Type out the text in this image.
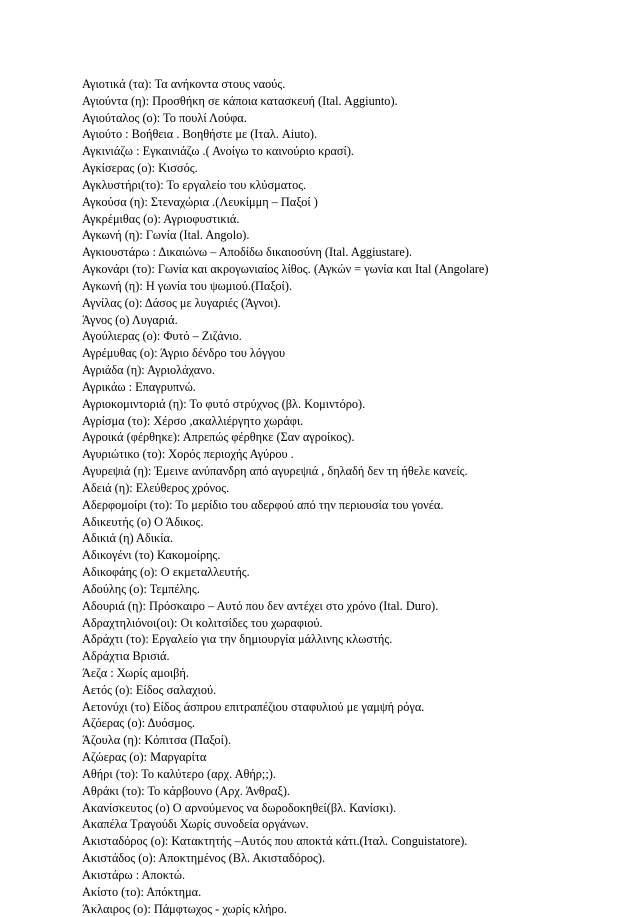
Αγιοτικά (τα): Τα ανήκοντα στους ναούς.
Αγιούντα (η): Προσθήκη σε κάποια κατασκευή (Ital. Aggiunto).
Αγιούταλος (ο): Το πουλί Λούφα.
Αγιούτο : Βοήθεια . Βοηθήστε με (Ιταλ. Aiuto).
Αγκινιάζω : Εγκαινιάζω .( Ανοίγω το καινούριο κρασί).
Αγκίσερας (ο): Κισσός.
Αγκλυστήρι(το): Το εργαλείο του κλύσματος.
Αγκούσα (η): Στεναχώρια .(Λευκίμμη – Παξοί )
Αγκρέμιθας (ο): Αγριοφυστικιά.
Αγκωνή (η): Γωνία (Ital. Angolo).
Αγκιουστάρω : Δικαιώνω – Αποδίδω δικαιοσύνη (Ital. Aggiustare).
Αγκονάρι (το): Γωνία και ακρογωνιαίος λίθος. (Αγκών = γωνία και Ital (Angolare)
Αγκωνή (η): Η γωνία του ψωμιού.(Παξοί).
Αγνίλας (ο): Δάσος με λυγαριές (Άγνοι).
Άγνος (ο) Λυγαριά.
Αγούλιερας (ο): Φυτό – Ζιζάνιο.
Αγρέμυθας (ο): Άγριο δένδρο του λόγγου
Αγριάδα (η): Αγριολάχανο.
Αγρικάω : Επαγρυπνώ.
Αγριοκομιντοριά (η): Το φυτό στρύχνος (βλ. Κομιντόρο).
Αγρίσμα (το): Χέρσο ,ακαλλιέργητο χωράφι.
Αγροικά (φέρθηκε): Απρεπώς φέρθηκε (Σαν αγροίκος).
Αγυριώτικο (το): Χορός περιοχής Αγύρου .
Αγυρεψιά (η): Έμεινε ανύπανδρη από αγυρεψιά , δηλαδή δεν τη ήθελε κανείς.
Αδειά (η): Ελεύθερος χρόνος.
Αδερφομοίρι (το): Το μερίδιο του αδερφού από την περιουσία του γονέα.
Αδικευτής (ο) Ο Άδικος.
Αδικιά (η) Αδικία.
Αδικογένι (το) Κακομοίρης.
Αδικοφάης (ο): Ο εκμεταλλευτής.
Αδούλης (ο): Τεμπέλης.
Αδουριά (η): Πρόσκαιρο – Αυτό που δεν αντέχει στο χρόνο (Ital. Duro).
Αδραχτηλιόνοι(οι): Οι κολιτσίδες του χωραφιού.
Αδράχτι (το): Εργαλείο για την δημιουργία μάλλινης κλωστής.
Αδράχτια Βρισιά.
Άεζα : Χωρίς αμοιβή.
Αετός (ο): Είδος σαλαχιού.
Αετονύχι (το) Είδος άσπρου επιτραπέζιου σταφυλιού με γαμψή ρόγα.
Αζόερας (ο): Δυόσμος.
Άζουλα (η): Κόπιτσα (Παξοί).
Αζώερας (ο): Μαργαρίτα
Αθήρι (το): Το καλύτερο (αρχ. Αθήρ;;).
Αθράκι (το): Το κάρβουνο (Αρχ. Άνθραξ).
Ακανίσκευτος (ο) Ο αρνούμενος να δωροδοκηθεί(βλ. Κανίσκι).
Ακαπέλα Τραγούδι Χωρίς συνοδεία οργάνων.
Ακισταδόρος (ο): Κατακτητής –Αυτός που αποκτά κάτι.(Ιταλ. Conguistatore).
Ακιστάδος (ο): Αποκτημένος (Βλ. Ακισταδόρος).
Ακιστάρω : Αποκτώ.
Ακίστο (το): Απόκτημα.
Άκλαιρος (ο): Πάμφτωχος - χωρίς κλήρο.
